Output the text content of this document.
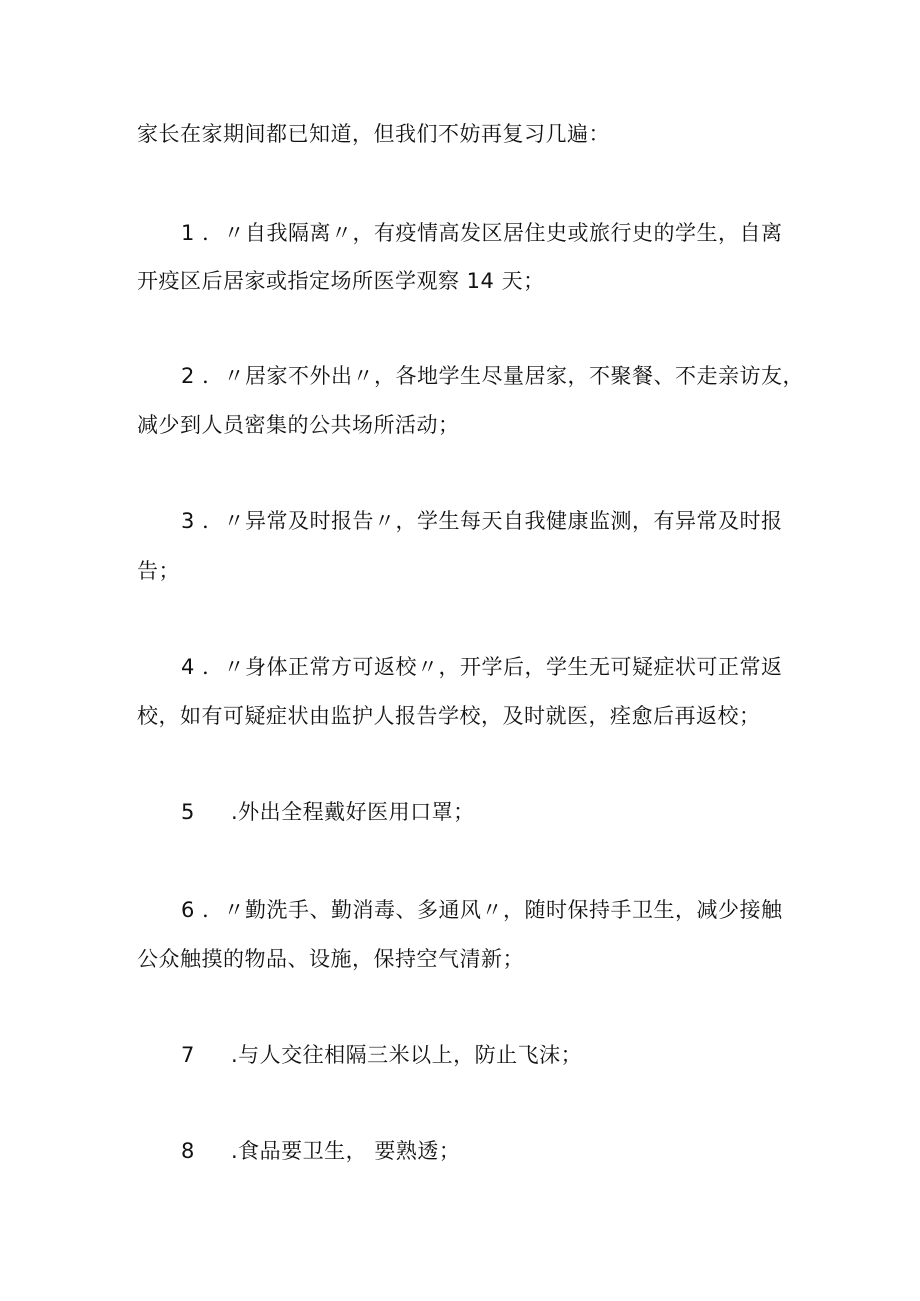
家长在家期间都已知道，但我们不妨再复习几遍：
1 ．〃自我隔离〃，有疫情高发区居住史或旅行史的学生，自离
开疫区后居家或指定场所医学观察 14 天；
2 ．〃居家不外出〃，各地学生尽量居家，不聚餐、不走亲访友，
减少到人员密集的公共场所活动；
3 ．〃异常及时报告〃，学生每天自我健康监测，有异常及时报
告；
4 ．〃身体正常方可返校〃，开学后，学生无可疑症状可正常返
校，如有可疑症状由监护人报告学校，及时就医，痊愈后再返校；
5 .外出全程戴好医用口罩；
6 ．〃勤洗手、勤消毒、多通风〃，随时保持手卫生，减少接触
公众触摸的物品、设施，保持空气清新；
7 .与人交往相隔三米以上，防止飞沫；
8 .食品要卫生， 要熟透；
